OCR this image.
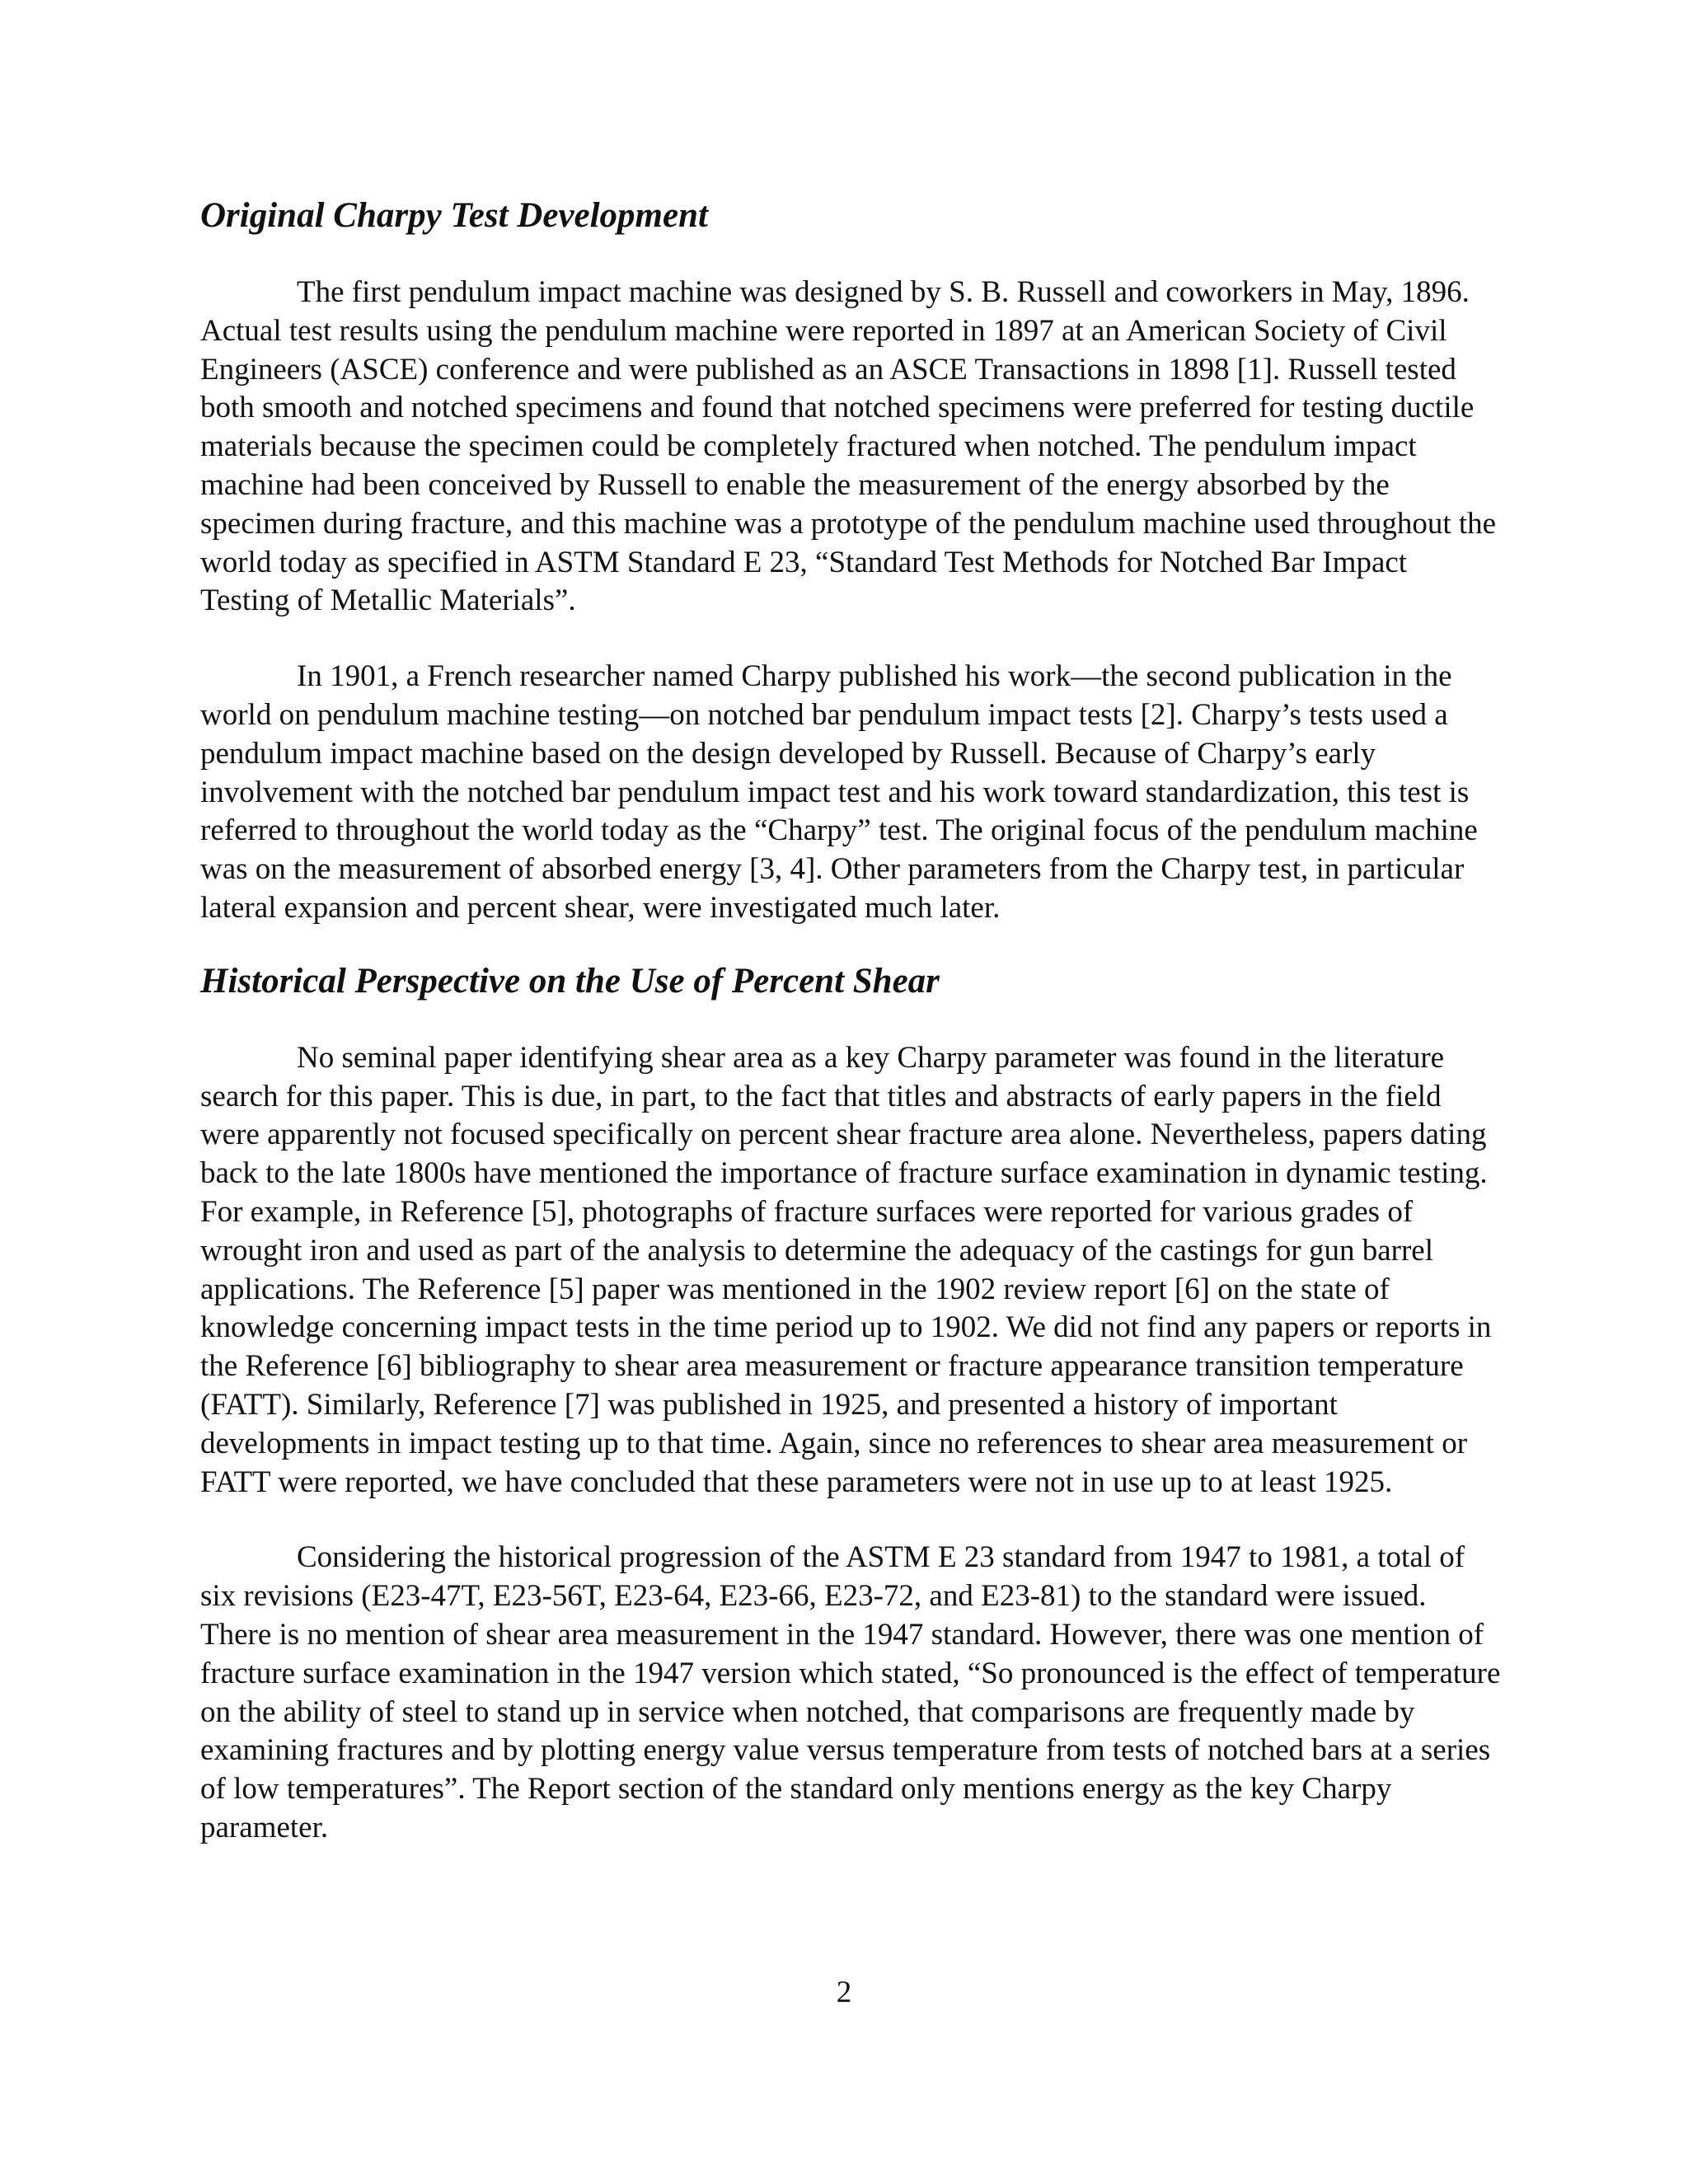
Original Charpy Test Development

The first pendulum impact machine was designed by S. B. Russell and coworkers in May, 1896. Actual test results using the pendulum machine were reported in 1897 at an American Society of Civil Engineers (ASCE) conference and were published as an ASCE Transactions in 1898 [1]. Russell tested both smooth and notched specimens and found that notched specimens were preferred for testing ductile materials because the specimen could be completely fractured when notched. The pendulum impact machine had been conceived by Russell to enable the measurement of the energy absorbed by the specimen during fracture, and this machine was a prototype of the pendulum machine used throughout the world today as specified in ASTM Standard E 23, “Standard Test Methods for Notched Bar Impact Testing of Metallic Materials”.

In 1901, a French researcher named Charpy published his work—the second publication in the world on pendulum machine testing—on notched bar pendulum impact tests [2]. Charpy’s tests used a pendulum impact machine based on the design developed by Russell. Because of Charpy’s early involvement with the notched bar pendulum impact test and his work toward standardization, this test is referred to throughout the world today as the “Charpy” test. The original focus of the pendulum machine was on the measurement of absorbed energy [3, 4]. Other parameters from the Charpy test, in particular lateral expansion and percent shear, were investigated much later.

Historical Perspective on the Use of Percent Shear

No seminal paper identifying shear area as a key Charpy parameter was found in the literature search for this paper. This is due, in part, to the fact that titles and abstracts of early papers in the field were apparently not focused specifically on percent shear fracture area alone. Nevertheless, papers dating back to the late 1800s have mentioned the importance of fracture surface examination in dynamic testing. For example, in Reference [5], photographs of fracture surfaces were reported for various grades of wrought iron and used as part of the analysis to determine the adequacy of the castings for gun barrel applications. The Reference [5] paper was mentioned in the 1902 review report [6] on the state of knowledge concerning impact tests in the time period up to 1902. We did not find any papers or reports in the Reference [6] bibliography to shear area measurement or fracture appearance transition temperature (FATT). Similarly, Reference [7] was published in 1925, and presented a history of important developments in impact testing up to that time. Again, since no references to shear area measurement or FATT were reported, we have concluded that these parameters were not in use up to at least 1925.

Considering the historical progression of the ASTM E 23 standard from 1947 to 1981, a total of six revisions (E23-47T, E23-56T, E23-64, E23-66, E23-72, and E23-81) to the standard were issued. There is no mention of shear area measurement in the 1947 standard. However, there was one mention of fracture surface examination in the 1947 version which stated, “So pronounced is the effect of temperature on the ability of steel to stand up in service when notched, that comparisons are frequently made by examining fractures and by plotting energy value versus temperature from tests of notched bars at a series of low temperatures”. The Report section of the standard only mentions energy as the key Charpy parameter.

2
